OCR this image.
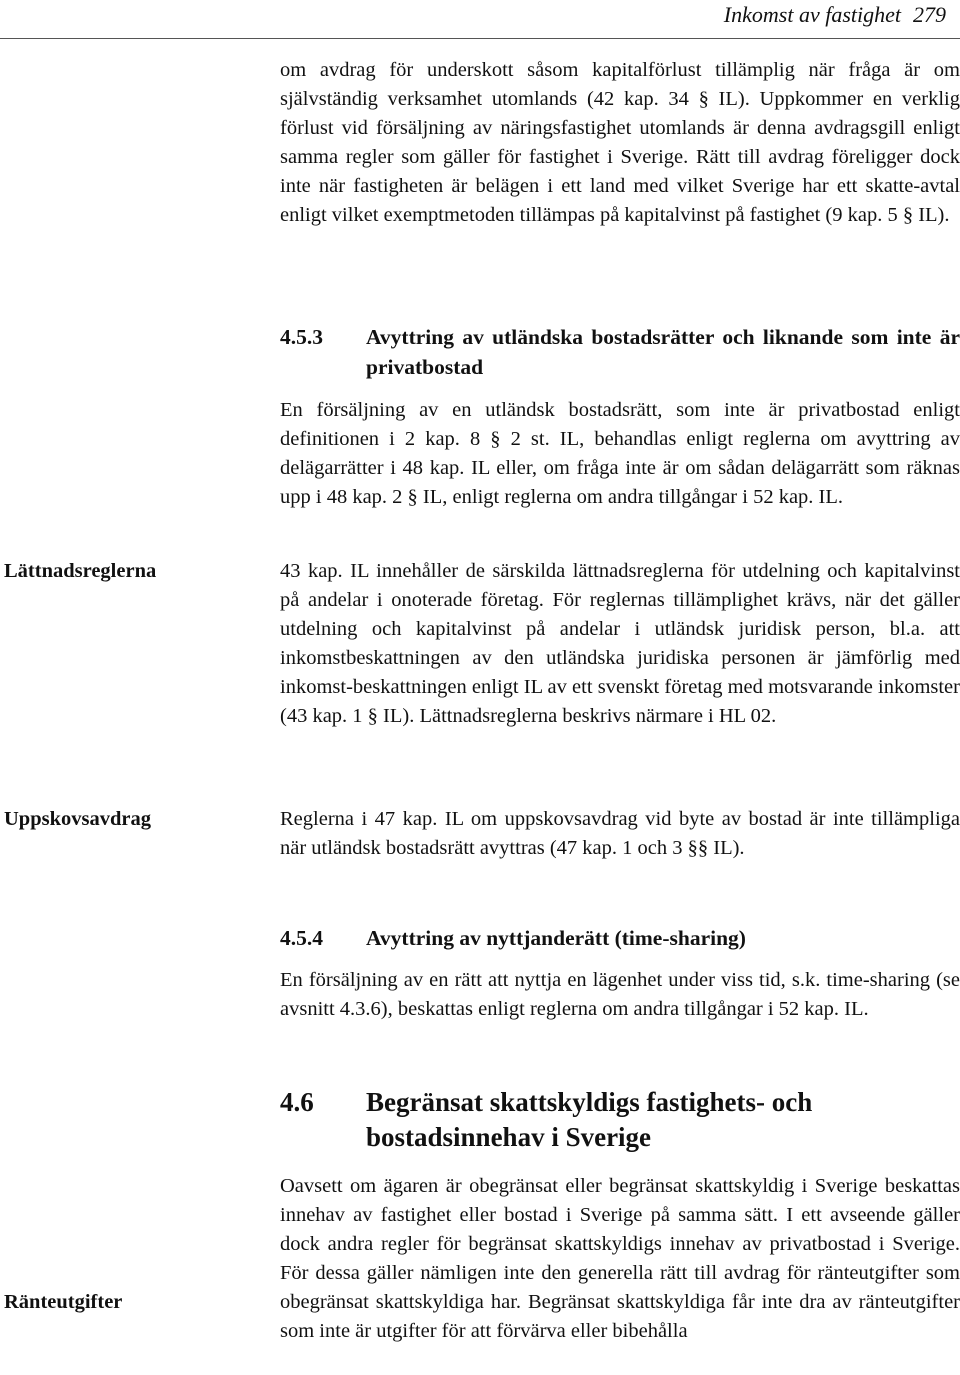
Inkomst av fastighet 279

om avdrag för underskott såsom kapitalförlust tillämplig när fråga är om självständig verksamhet utomlands (42 kap. 34 § IL). Uppkommer en verklig förlust vid försäljning av näringsfastighet utomlands är denna avdragsgill enligt samma regler som gäller för fastighet i Sverige. Rätt till avdrag föreligger dock inte när fastigheten är belägen i ett land med vilket Sverige har ett skatte-avtal enligt vilket exemptmetoden tillämpas på kapitalvinst på fastighet (9 kap. 5 § IL).

4.5.3 Avyttring av utländska bostadsrätter och liknande som inte är privatbostad

En försäljning av en utländsk bostadsrätt, som inte är privatbostad enligt definitionen i 2 kap. 8 § 2 st. IL, behandlas enligt reglerna om avyttring av delägarrätter i 48 kap. IL eller, om fråga inte är om sådan delägarrätt som räknas upp i 48 kap. 2 § IL, enligt reglerna om andra tillgångar i 52 kap. IL.

Lättnadsreglerna	43 kap. IL innehåller de särskilda lättnadsreglerna för utdelning och kapitalvinst på andelar i onoterade företag. För reglernas tillämplighet krävs, när det gäller utdelning och kapitalvinst på andelar i utländsk juridisk person, bl.a. att inkomstbeskattningen av den utländska juridiska personen är jämförlig med inkomst-beskattningen enligt IL av ett svenskt företag med motsvarande inkomster (43 kap. 1 § IL). Lättnadsreglerna beskrivs närmare i HL 02.

Uppskovsavdrag	Reglerna i 47 kap. IL om uppskovsavdrag vid byte av bostad är inte tillämpliga när utländsk bostadsrätt avyttras (47 kap. 1 och 3 §§ IL).

4.5.4 Avyttring av nyttjanderätt (time-sharing)

En försäljning av en rätt att nyttja en lägenhet under viss tid, s.k. time-sharing (se avsnitt 4.3.6), beskattas enligt reglerna om andra tillgångar i 52 kap. IL.

4.6 Begränsat skattskyldigs fastighets- och bostadsinnehav i Sverige

Oavsett om ägaren är obegränsat eller begränsat skattskyldig i Sverige beskattas innehav av fastighet eller bostad i Sverige på samma sätt. I ett avseende gäller dock andra regler för begränsat skattskyldigs innehav av privatbostad i Sverige. För dessa gäller nämligen inte den generella rätt till avdrag för ränteutgifter som obegränsat skattskyldiga har. Begränsat skattskyldiga får inte dra av ränteutgifter som inte är utgifter för att förvärva eller bibehålla

Ränteutgifter
